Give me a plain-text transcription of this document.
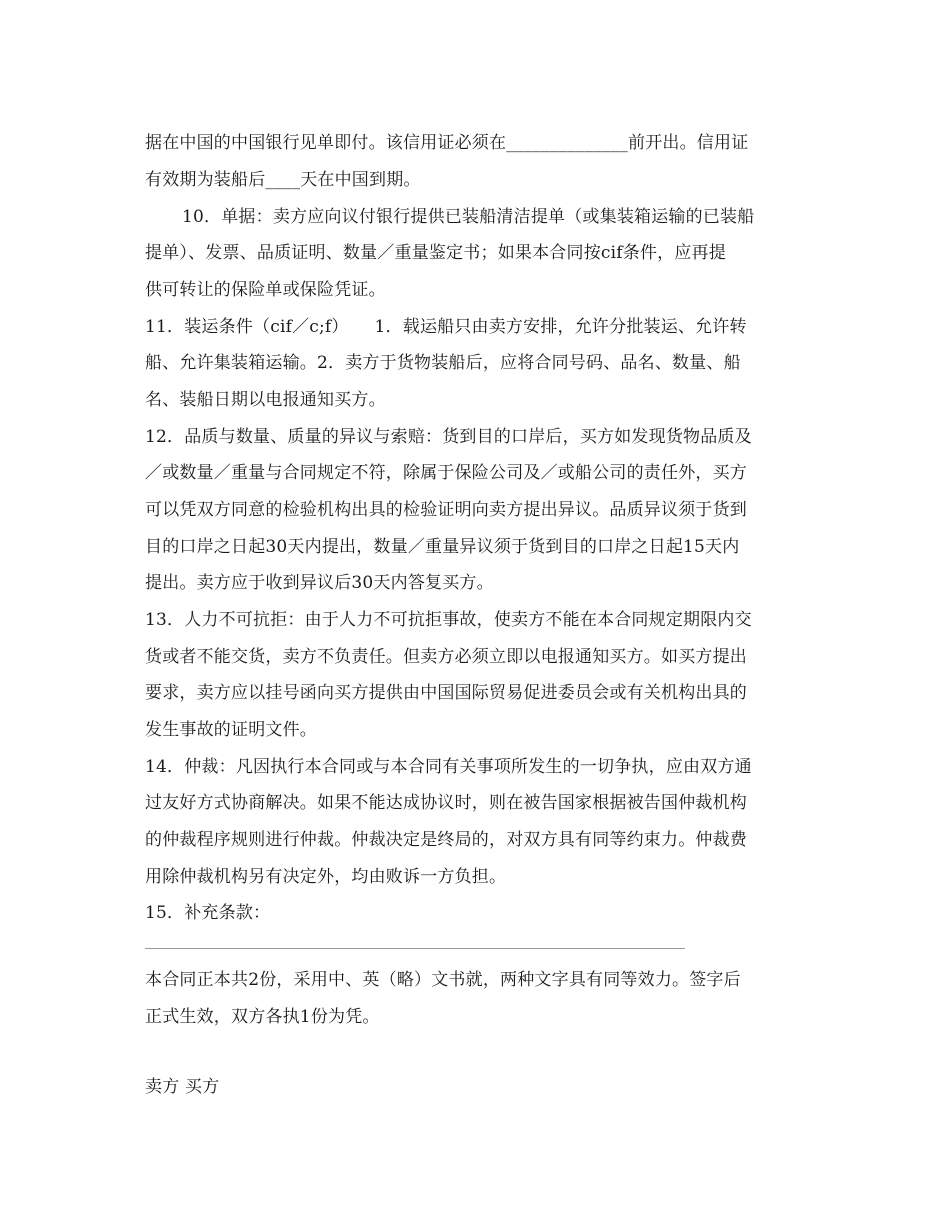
据在中国的中国银行见单即付。该信用证必须在______________前开出。信用证
有效期为装船后____天在中国到期。
10．单据：卖方应向议付银行提供已装船清洁提单（或集装箱运输的已装船
提单）、发票、品质证明、数量／重量鉴定书；如果本合同按cif条件，应再提
供可转让的保险单或保险凭证。
11．装运条件（cif／c;f）　　1．载运船只由卖方安排，允许分批装运、允许转
船、允许集装箱运输。2．卖方于货物装船后，应将合同号码、品名、数量、船
名、装船日期以电报通知买方。
12．品质与数量、质量的异议与索赔：货到目的口岸后，买方如发现货物品质及
／或数量／重量与合同规定不符，除属于保险公司及／或船公司的责任外，买方
可以凭双方同意的检验机构出具的检验证明向卖方提出异议。品质异议须于货到
目的口岸之日起30天内提出，数量／重量异议须于货到目的口岸之日起15天内
提出。卖方应于收到异议后30天内答复买方。
13．人力不可抗拒：由于人力不可抗拒事故，使卖方不能在本合同规定期限内交
货或者不能交货，卖方不负责任。但卖方必须立即以电报通知买方。如买方提出
要求，卖方应以挂号函向买方提供由中国国际贸易促进委员会或有关机构出具的
发生事故的证明文件。
14．仲裁：凡因执行本合同或与本合同有关事项所发生的一切争执，应由双方通
过友好方式协商解决。如果不能达成协议时，则在被告国家根据被告国仲裁机构
的仲裁程序规则进行仲裁。仲裁决定是终局的，对双方具有同等约束力。仲裁费
用除仲裁机构另有决定外，均由败诉一方负担。
15．补充条款：
本合同正本共2份，采用中、英（略）文书就，两种文字具有同等效力。签字后
正式生效，双方各执1份为凭。
卖方 买方
